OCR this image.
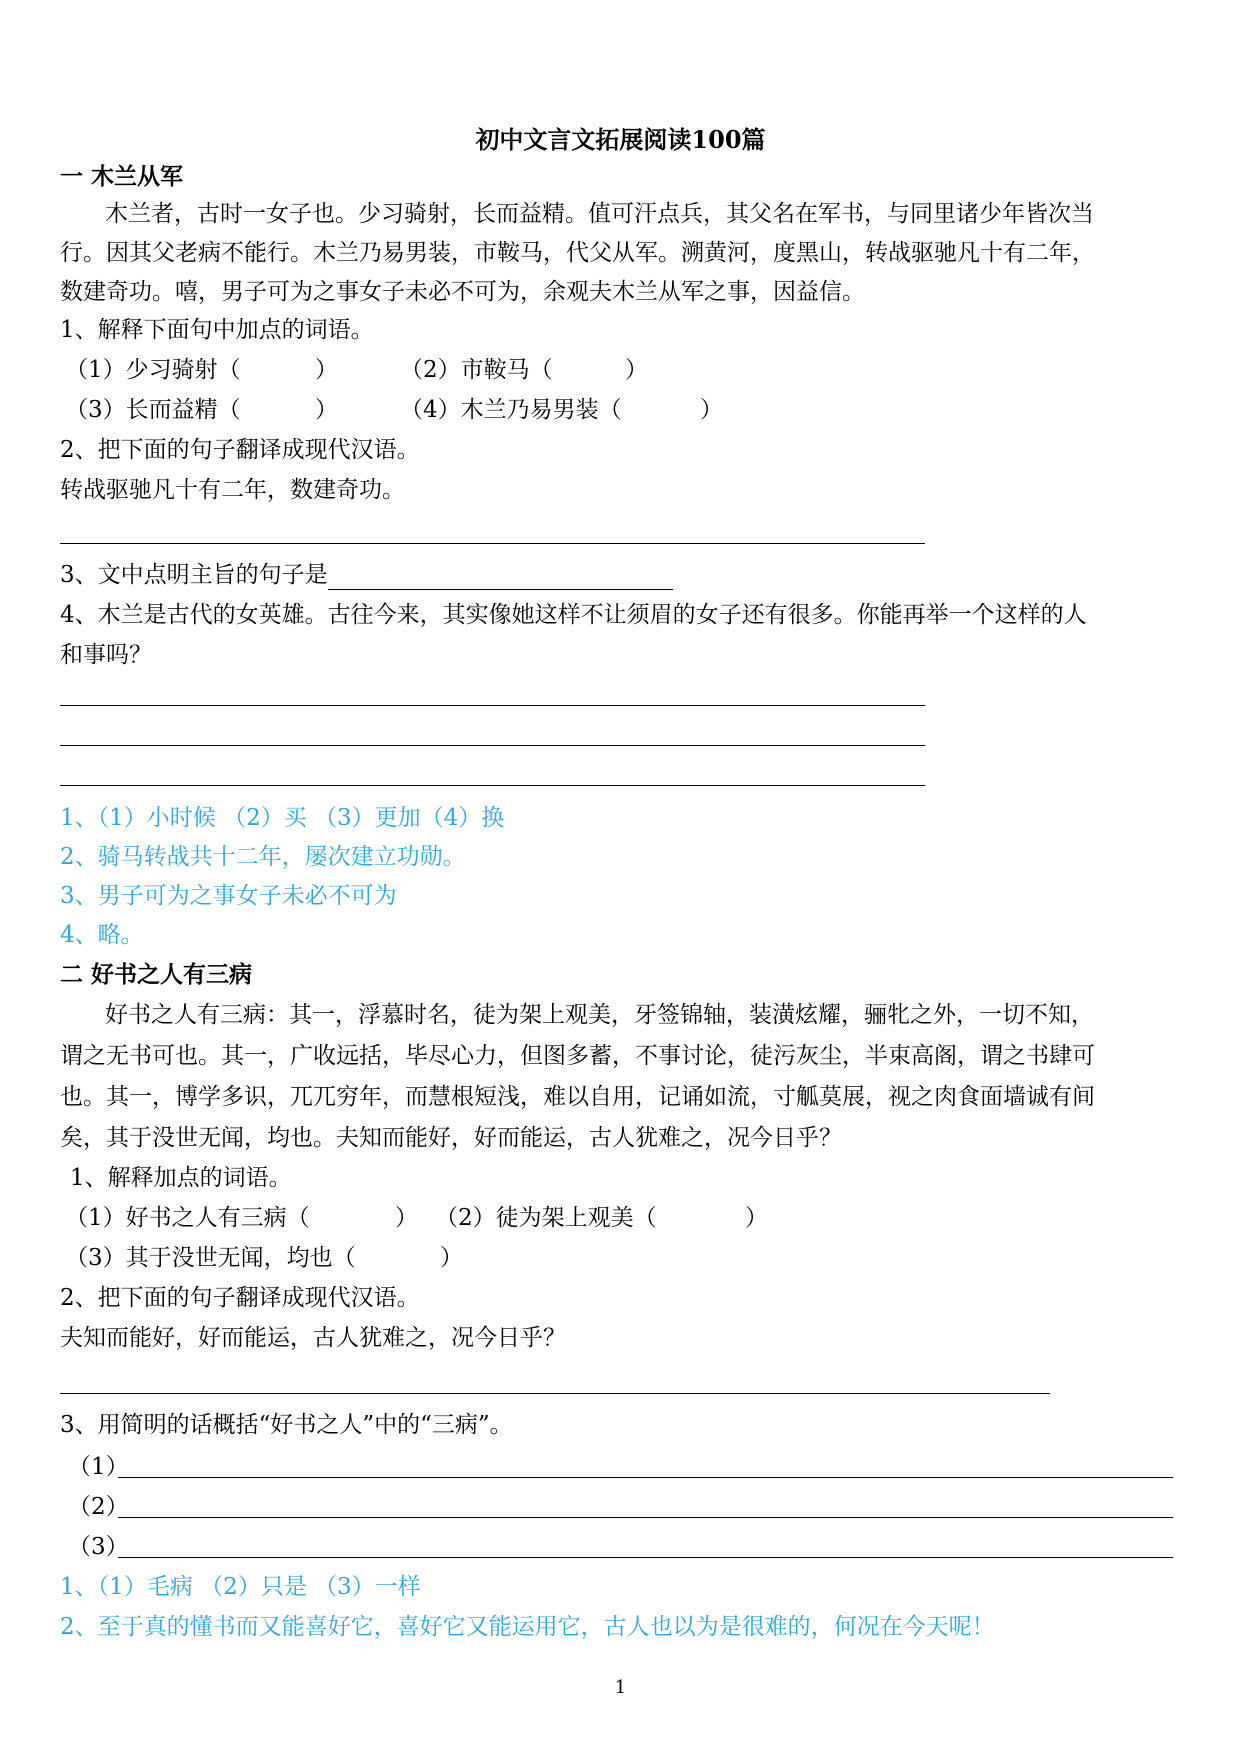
初中文言文拓展阅读100篇
一 木兰从军
木兰者，古时一女子也。少习骑射，长而益精。值可汗点兵，其父名在军书，与同里诸少年皆次当
行。因其父老病不能行。木兰乃易男装，市鞍马，代父从军。溯黄河，度黑山，转战驱驰凡十有二年，
数建奇功。嘻，男子可为之事女子未必不可为，余观夫木兰从军之事，因益信。
1、解释下面句中加点的词语。
（1）少习骑射（	）	（2）市鞍马（	）
（3）长而益精（	）	（4）木兰乃易男装（	）
2、把下面的句子翻译成现代汉语。
转战驱驰凡十有二年，数建奇功。
3、文中点明主旨的句子是
4、木兰是古代的女英雄。古往今来，其实像她这样不让须眉的女子还有很多。你能再举一个这样的人
和事吗？
1、（1）小时候 （2）买 （3）更加（4）换
2、骑马转战共十二年，屡次建立功勋。
3、男子可为之事女子未必不可为
4、略。
二 好书之人有三病
好书之人有三病：其一，浮慕时名，徒为架上观美，牙签锦轴，装潢炫耀，骊牝之外，一切不知，
谓之无书可也。其一，广收远括，毕尽心力，但图多蓄，不事讨论，徒污灰尘，半束高阁，谓之书肆可
也。其一，博学多识，兀兀穷年，而慧根短浅，难以自用，记诵如流，寸觚莫展，视之肉食面墙诚有间
矣，其于没世无闻，均也。夫知而能好，好而能运，古人犹难之，况今日乎？
1、解释加点的词语。
（1）好书之人有三病（	） （2）徒为架上观美（	）
（3）其于没世无闻，均也（	）
2、把下面的句子翻译成现代汉语。
夫知而能好，好而能运，古人犹难之，况今日乎？
3、用简明的话概括“好书之人”中的“三病”。
（1）
（2）
（3）
1、（1）毛病 （2）只是 （3）一样
2、至于真的懂书而又能喜好它，喜好它又能运用它，古人也以为是很难的，何况在今天呢！
1
